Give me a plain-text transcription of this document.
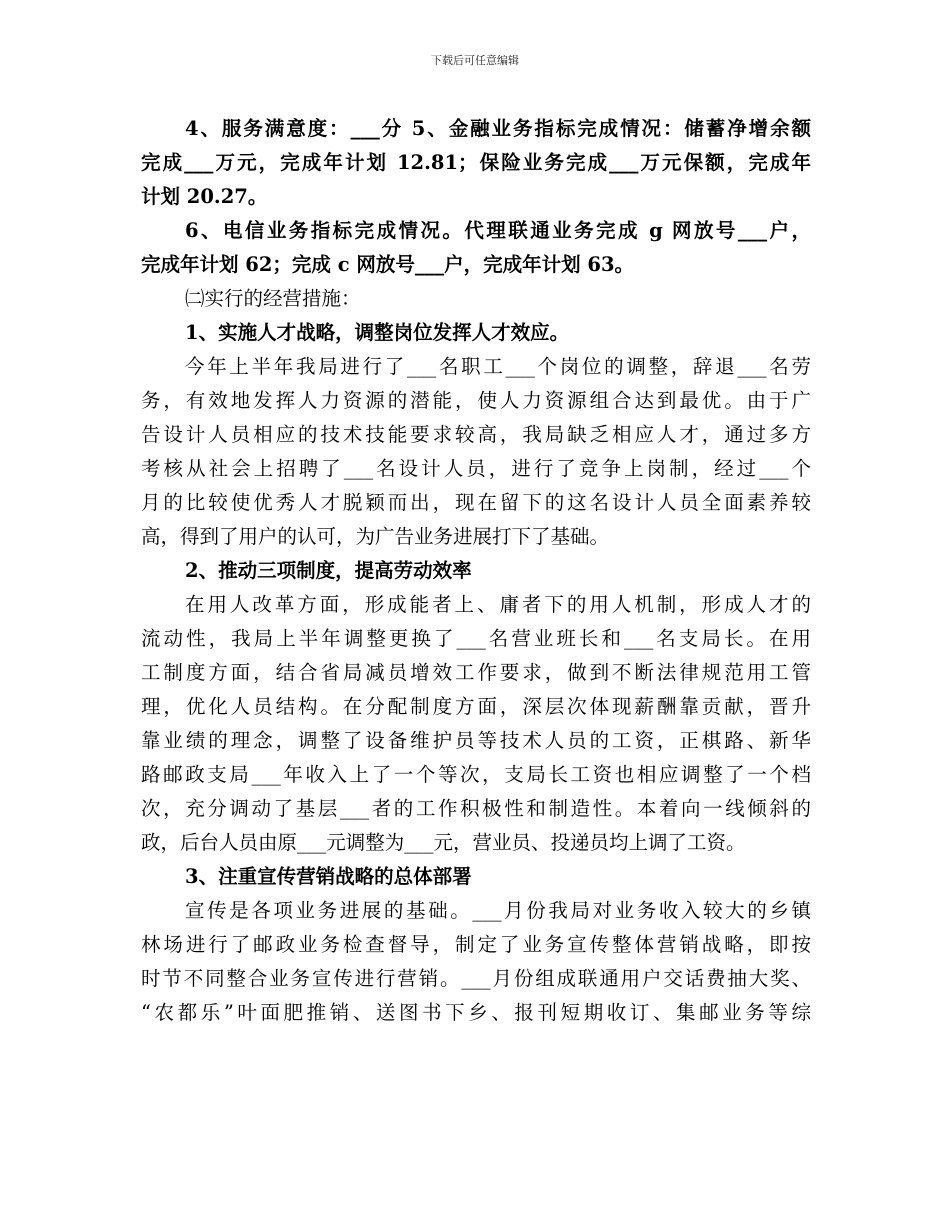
下载后可任意编辑
4、服务满意度：___分 5、金融业务指标完成情况：储蓄净增余额
完成___万元，完成年计划 12.81；保险业务完成___万元保额，完成年
计划 20.27。
6、电信业务指标完成情况。代理联通业务完成 g 网放号___户，
完成年计划 62；完成 c 网放号___户，完成年计划 63。
㈡实行的经营措施：
1、实施人才战略，调整岗位发挥人才效应。
今年上半年我局进行了___名职工___个岗位的调整，辞退___名劳
务，有效地发挥人力资源的潜能，使人力资源组合达到最优。由于广
告设计人员相应的技术技能要求较高，我局缺乏相应人才，通过多方
考核从社会上招聘了___名设计人员，进行了竞争上岗制，经过___个
月的比较使优秀人才脱颖而出，现在留下的这名设计人员全面素养较
高，得到了用户的认可，为广告业务进展打下了基础。
2、推动三项制度，提高劳动效率
在用人改革方面，形成能者上、庸者下的用人机制，形成人才的
流动性，我局上半年调整更换了___名营业班长和___名支局长。在用
工制度方面，结合省局减员增效工作要求，做到不断法律规范用工管
理，优化人员结构。在分配制度方面，深层次体现薪酬靠贡献，晋升
靠业绩的理念，调整了设备维护员等技术人员的工资，正棋路、新华
路邮政支局___年收入上了一个等次，支局长工资也相应调整了一个档
次，充分调动了基层___者的工作积极性和制造性。本着向一线倾斜的
政，后台人员由原___元调整为___元，营业员、投递员均上调了工资。
3、注重宣传营销战略的总体部署
宣传是各项业务进展的基础。___月份我局对业务收入较大的乡镇
林场进行了邮政业务检查督导，制定了业务宣传整体营销战略，即按
时节不同整合业务宣传进行营销。___月份组成联通用户交话费抽大奖、
“农都乐”叶面肥推销、送图书下乡、报刊短期收订、集邮业务等综
